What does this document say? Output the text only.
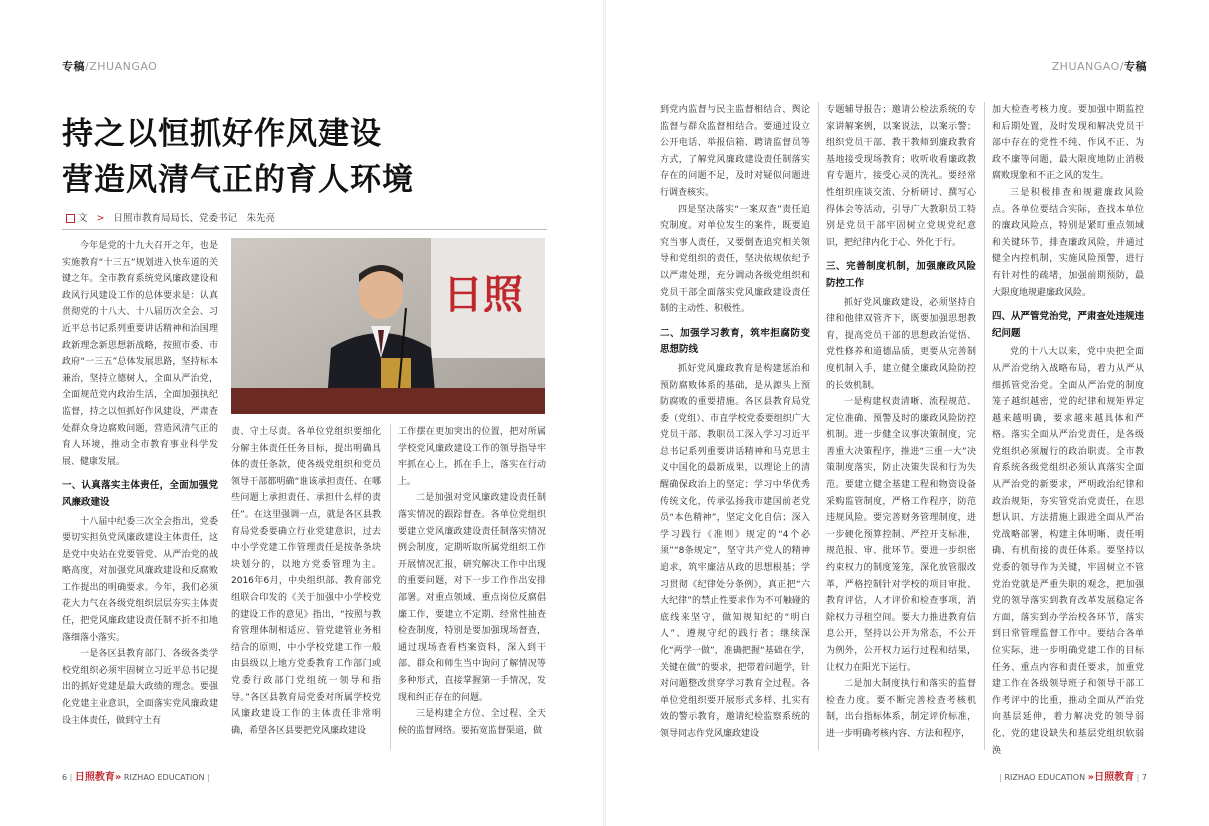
专稿/ZHUANGAO	ZHUANGAO/专稿
持之以恒抓好作风建设
营造风清气正的育人环境
文 > 日照市教育局局长、党委书记　朱先亮
日照

今年是党的十九大召开之年，也是实施教育“十三五”规划进入快车道的关键之年。全市教育系统党风廉政建设和政风行风建设工作的总体要求是：认真贯彻党的十八大、十八届历次全会、习近平总书记系列重要讲话精神和治国理政新理念新思想新战略，按照市委、市政府“一三五”总体发展思路，坚持标本兼治，坚持立德树人，全面从严治党，全面规范党内政治生活，全面加强执纪监督，持之以恒抓好作风建设，严肃查处群众身边腐败问题，营造风清气正的育人环境，推动全市教育事业科学发展、健康发展。

一、认真落实主体责任，全面加强党风廉政建设

十八届中纪委三次全会指出，党委要切实担负党风廉政建设主体责任，这是党中央站在党要管党、从严治党的战略高度，对加强党风廉政建设和反腐败工作提出的明确要求。今年，我们必须花大力气在各级党组织层层夯实主体责任，把党风廉政建设责任制不折不扣地落细落小落实。

一是各区县教育部门、各级各类学校党组织必须牢固树立习近平总书记提出的抓好党建是最大政绩的理念。要强化党建主业意识，全面落实党风廉政建设主体责任，做到守土有

责、守土尽责。各单位党组织要细化分解主体责任任务目标，提出明确具体的责任条款，使各级党组织和党员领导干部都明确“谁该承担责任、在哪些问题上承担责任、承担什么样的责任”。在这里强调一点，就是各区县教育局党委要确立行业党建意识，过去中小学党建工作管理责任是按条条块块划分的，以地方党委管理为主。2016年6月，中央组织部、教育部党组联合印发的《关于加强中小学校党的建设工作的意见》指出，“按照与教育管理体制相适应、管党建管业务相结合的原则，中小学校党建工作一般由县级以上地方党委教育工作部门或党委行政部门党组统一领导和指导。”各区县教育局党委对所属学校党风廉政建设工作的主体责任非常明确，希望各区县要把党风廉政建设

工作摆在更加突出的位置，把对所属学校党风廉政建设工作的领导指导牢牢抓在心上，抓在手上，落实在行动上。

二是加强对党风廉政建设责任制落实情况的跟踪督查。各单位党组织要建立党风廉政建设责任制落实情况例会制度，定期听取所属党组织工作开展情况汇报，研究解决工作中出现的重要问题，对下一步工作作出安排部署。对重点领域、重点岗位反腐倡廉工作，要建立不定期、经常性抽查检查制度，特别是要加强现场督查，通过现场查看档案资料，深入到干部、群众和师生当中询问了解情况等多种形式，直接掌握第一手情况，发现和纠正存在的问题。

三是构建全方位、全过程、全天候的监督网络。要拓宽监督渠道，做

到党内监督与民主监督相结合、舆论监督与群众监督相结合。要通过设立公开电话、举报信箱、聘请监督员等方式，了解党风廉政建设责任制落实存在的问题不足，及时对疑似问题进行调查核实。

四是坚决落实“一案双查”责任追究制度。对单位发生的案件，既要追究当事人责任，又要倒查追究相关领导和党组织的责任，坚决依规依纪予以严肃处理，充分调动各级党组织和党员干部全面落实党风廉政建设责任制的主动性、积极性。

二、加强学习教育，筑牢拒腐防变思想防线

抓好党风廉政教育是构建惩治和预防腐败体系的基础，是从源头上预防腐败的重要措施。各区县教育局党委（党组）、市直学校党委要组织广大党员干部、教职员工深入学习习近平总书记系列重要讲话精神和马克思主义中国化的最新成果，以理论上的清醒确保政治上的坚定；学习中华优秀传统文化，传承弘扬我市建国前老党员“本色精神”，坚定文化自信；深入学习践行《准则》规定的“4个必须”“8条规定”，坚守共产党人的精神追求，筑牢廉洁从政的思想根基；学习贯彻《纪律处分条例》，真正把“六大纪律”的禁止性要求作为不可触碰的底线来坚守，做知规知纪的“明白人”、遵规守纪的践行者；继续深化“两学一做”，准确把握“基础在学，关键在做”的要求，把带着问题学，针对问题整改贯穿学习教育全过程。各单位党组织要开展形式多样、扎实有效的警示教育，邀请纪检监察系统的领导同志作党风廉政建设

专题辅导报告；邀请公检法系统的专家讲解案例，以案说法，以案示警；组织党员干部、教干教师到廉政教育基地接受现场教育；收听收看廉政教育专题片，接受心灵的洗礼。要经常性组织座谈交流、分析研讨、撰写心得体会等活动，引导广大教职员工特别是党员干部牢固树立党规党纪意识，把纪律内化于心、外化于行。

三、完善制度机制，加强廉政风险防控工作

抓好党风廉政建设，必须坚持自律和他律双管齐下，既要加强思想教育，提高党员干部的思想政治觉悟、党性修养和道德品质，更要从完善制度机制入手，建立健全廉政风险防控的长效机制。

一是构建权责清晰、流程规范、定位准确、预警及时的廉政风险防控机制。进一步健全议事决策制度，完善重大决策程序，推进“三重一大”决策制度落实，防止决策失误和行为失范。要建立健全基建工程和物资设备采购监管制度，严格工作程序，防范违规风险。要完善财务管理制度，进一步硬化预算控制、严控开支标准，规范报、审、批环节。要进一步织密约束权力的制度笼笼，深化放管服改革，严格控制针对学校的项目审批、教育评估，人才评价和检查事项，消除权力寻租空间。要大力推进教育信息公开，坚持以公开为常态，不公开为例外，公开权力运行过程和结果，让权力在阳光下运行。

二是加大制度执行和落实的监督检查力度。要不断完善检查考核机制，出台指标体系，制定评价标准，进一步明确考核内容、方法和程序，

加大检查考核力度。要加强中期监控和后期处置，及时发现和解决党员干部中存在的党性不纯、作风不正、为政不廉等问题，最大限度地防止消极腐败现象和不正之风的发生。

三是积极排查和规避廉政风险点。各单位要结合实际，查找本单位的廉政风险点，特别是紧盯重点领域和关键环节，排查廉政风险，并通过健全内控机制，实施风险预警，进行有针对性的疏堵，加强前期预防，最大限度地规避廉政风险。

四、从严管党治党，严肃查处违规违纪问题

党的十八大以来，党中央把全面从严治党纳入战略布局，着力从严从细抓管党治党。全面从严治党的制度笼子越织越密，党的纪律和规矩界定越来越明确，要求越来越具体和严格。落实全面从严治党责任，是各级党组织必须履行的政治职责。全市教育系统各级党组织必须认真落实全面从严治党的新要求，严明政治纪律和政治规矩，夯实管党治党责任，在思想认识、方法措施上跟进全面从严治党战略部署，构建主体明晰、责任明确、有机衔接的责任体系。要坚持以党委的领导作为关键，牢固树立不管党治党就是严重失职的观念，把加强党的领导落实到教育改革发展稳定各方面，落实到办学治校各环节，落实到日常管理监督工作中。要结合各单位实际，进一步明确党建工作的目标任务、重点内容和责任要求，加重党建工作在各级领导班子和领导干部工作考评中的比重，推动全面从严治党向基层延伸，着力解决党的领导弱化、党的建设缺失和基层党组织软弱涣

6 | 日照教育» RIZHAO EDUCATION |	| RIZHAO EDUCATION »日照教育 | 7
